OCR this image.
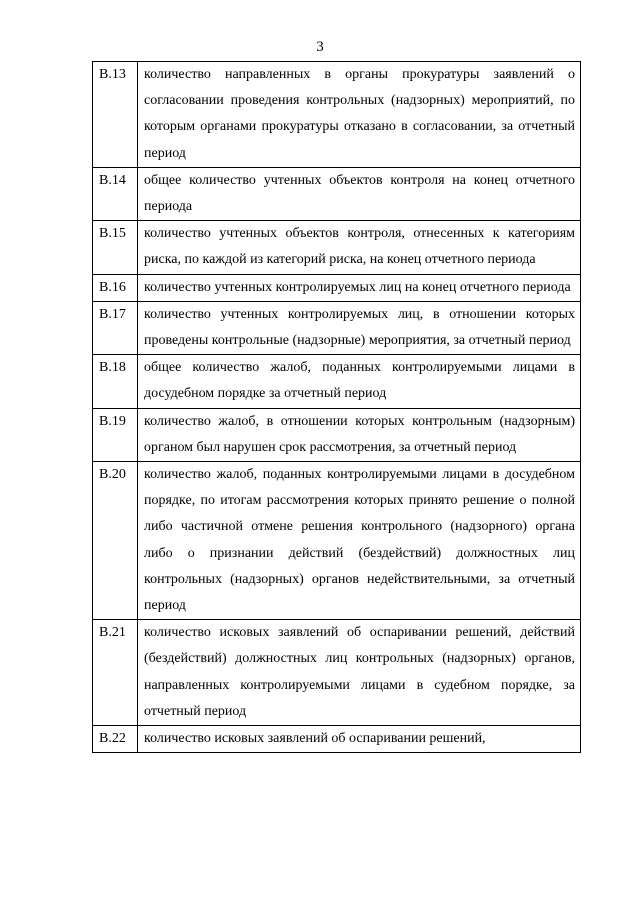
3
В.13	количество направленных в органы прокуратуры заявлений о согласовании проведения контрольных (надзорных) мероприятий, по которым органами прокуратуры отказано в согласовании, за отчетный период
В.14	общее количество учтенных объектов контроля на конец отчетного периода
В.15	количество учтенных объектов контроля, отнесенных к категориям риска, по каждой из категорий риска, на конец отчетного периода
В.16	количество учтенных контролируемых лиц на конец отчетного периода
В.17	количество учтенных контролируемых лиц, в отношении которых проведены контрольные (надзорные) мероприятия, за отчетный период
В.18	общее количество жалоб, поданных контролируемыми лицами в досудебном порядке за отчетный период
В.19	количество жалоб, в отношении которых контрольным (надзорным) органом был нарушен срок рассмотрения, за отчетный период
В.20	количество жалоб, поданных контролируемыми лицами в досудебном порядке, по итогам рассмотрения которых принято решение о полной либо частичной отмене решения контрольного (надзорного) органа либо о признании действий (бездействий) должностных лиц контрольных (надзорных) органов недействительными, за отчетный период
В.21	количество исковых заявлений об оспаривании решений, действий (бездействий) должностных лиц контрольных (надзорных) органов, направленных контролируемыми лицами в судебном порядке, за отчетный период
В.22	количество исковых заявлений об оспаривании решений,
